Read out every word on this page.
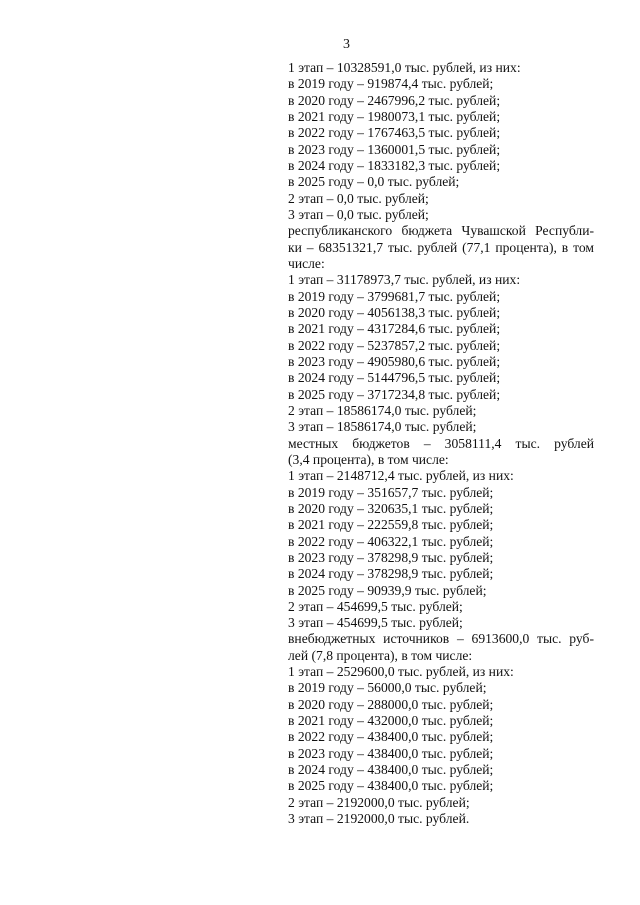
3
1 этап – 10328591,0 тыс. рублей, из них:
в 2019 году – 919874,4 тыс. рублей;
в 2020 году – 2467996,2 тыс. рублей;
в 2021 году – 1980073,1 тыс. рублей;
в 2022 году – 1767463,5 тыс. рублей;
в 2023 году – 1360001,5 тыс. рублей;
в 2024 году – 1833182,3 тыс. рублей;
в 2025 году – 0,0 тыс. рублей;
2 этап – 0,0 тыс. рублей;
3 этап – 0,0 тыс. рублей;
республиканского бюджета Чувашской Республи-
ки – 68351321,7 тыс. рублей (77,1 процента), в том
числе:
1 этап – 31178973,7 тыс. рублей, из них:
в 2019 году – 3799681,7 тыс. рублей;
в 2020 году – 4056138,3 тыс. рублей;
в 2021 году – 4317284,6 тыс. рублей;
в 2022 году – 5237857,2 тыс. рублей;
в 2023 году – 4905980,6 тыс. рублей;
в 2024 году – 5144796,5 тыс. рублей;
в 2025 году – 3717234,8 тыс. рублей;
2 этап – 18586174,0 тыс. рублей;
3 этап – 18586174,0 тыс. рублей;
местных бюджетов – 3058111,4 тыс. рублей
(3,4 процента), в том числе:
1 этап – 2148712,4 тыс. рублей, из них:
в 2019 году – 351657,7 тыс. рублей;
в 2020 году – 320635,1 тыс. рублей;
в 2021 году – 222559,8 тыс. рублей;
в 2022 году – 406322,1 тыс. рублей;
в 2023 году – 378298,9 тыс. рублей;
в 2024 году – 378298,9 тыс. рублей;
в 2025 году – 90939,9 тыс. рублей;
2 этап – 454699,5 тыс. рублей;
3 этап – 454699,5 тыс. рублей;
внебюджетных источников – 6913600,0 тыс. руб-
лей (7,8 процента), в том числе:
1 этап – 2529600,0 тыс. рублей, из них:
в 2019 году – 56000,0 тыс. рублей;
в 2020 году – 288000,0 тыс. рублей;
в 2021 году – 432000,0 тыс. рублей;
в 2022 году – 438400,0 тыс. рублей;
в 2023 году – 438400,0 тыс. рублей;
в 2024 году – 438400,0 тыс. рублей;
в 2025 году – 438400,0 тыс. рублей;
2 этап – 2192000,0 тыс. рублей;
3 этап – 2192000,0 тыс. рублей.
